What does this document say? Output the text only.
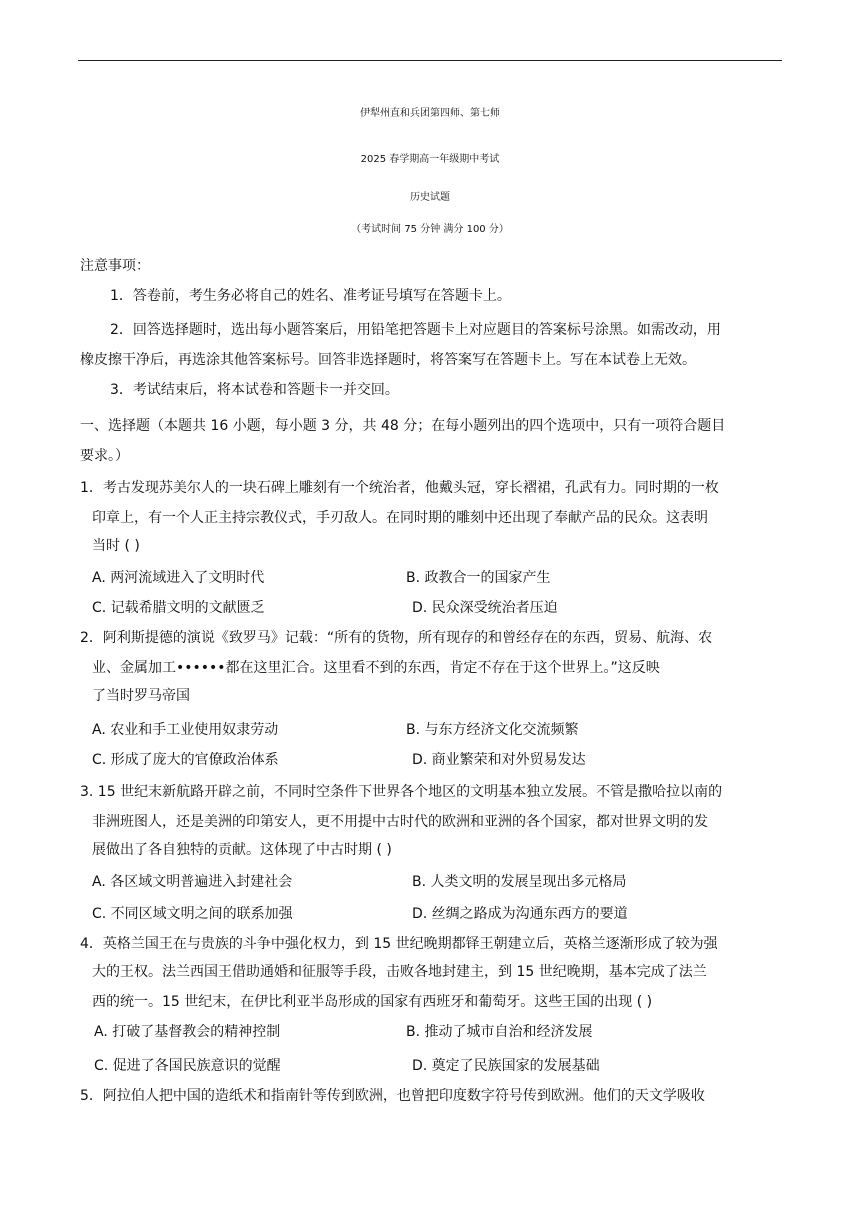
伊犁州直和兵团第四师、第七师
2025 春学期高一年级期中考试
历史试题
（考试时间 75 分钟 满分 100 分）
注意事项：
1．答卷前，考生务必将自己的姓名、准考证号填写在答题卡上。
2．回答选择题时，选出每小题答案后，用铅笔把答题卡上对应题目的答案标号涂黑。如需改动，用
橡皮擦干净后，再选涂其他答案标号。回答非选择题时，将答案写在答题卡上。写在本试卷上无效。
3．考试结束后，将本试卷和答题卡一并交回。
一、选择题（本题共 16 小题，每小题 3 分，共 48 分；在每小题列出的四个选项中，只有一项符合题目
要求。）
1．考古发现苏美尔人的一块石碑上雕刻有一个统治者，他戴头冠，穿长褶裙，孔武有力。同时期的一枚
印章上，有一个人正主持宗教仪式，手刃敌人。在同时期的雕刻中还出现了奉献产品的民众。这表明
当时 ( )
A. 两河流域进入了文明时代	B. 政教合一的国家产生
C. 记载希腊文明的文献匮乏	D. 民众深受统治者压迫
2．阿利斯提德的演说《致罗马》记载：“所有的货物，所有现存的和曾经存在的东西，贸易、航海、农
业、金属加工••••••都在这里汇合。这里看不到的东西，肯定不存在于这个世界上。”这反映
了当时罗马帝国
A. 农业和手工业使用奴隶劳动	B. 与东方经济文化交流频繁
C. 形成了庞大的官僚政治体系	D. 商业繁荣和对外贸易发达
3. 15 世纪末新航路开辟之前，不同时空条件下世界各个地区的文明基本独立发展。不管是撒哈拉以南的
非洲班图人，还是美洲的印第安人，更不用提中古时代的欧洲和亚洲的各个国家，都对世界文明的发
展做出了各自独特的贡献。这体现了中古时期 ( )
A. 各区域文明普遍进入封建社会	B. 人类文明的发展呈现出多元格局
C. 不同区域文明之间的联系加强	D. 丝绸之路成为沟通东西方的要道
4．英格兰国王在与贵族的斗争中强化权力，到 15 世纪晚期都铎王朝建立后，英格兰逐渐形成了较为强
大的王权。法兰西国王借助通婚和征服等手段，击败各地封建主，到 15 世纪晚期，基本完成了法兰
西的统一。15 世纪末，在伊比利亚半岛形成的国家有西班牙和葡萄牙。这些王国的出现 ( )
A. 打破了基督教会的精神控制	B. 推动了城市自治和经济发展
C. 促进了各国民族意识的觉醒	D. 奠定了民族国家的发展基础
5．阿拉伯人把中国的造纸术和指南针等传到欧洲，也曾把印度数字符号传到欧洲。他们的天文学吸收
